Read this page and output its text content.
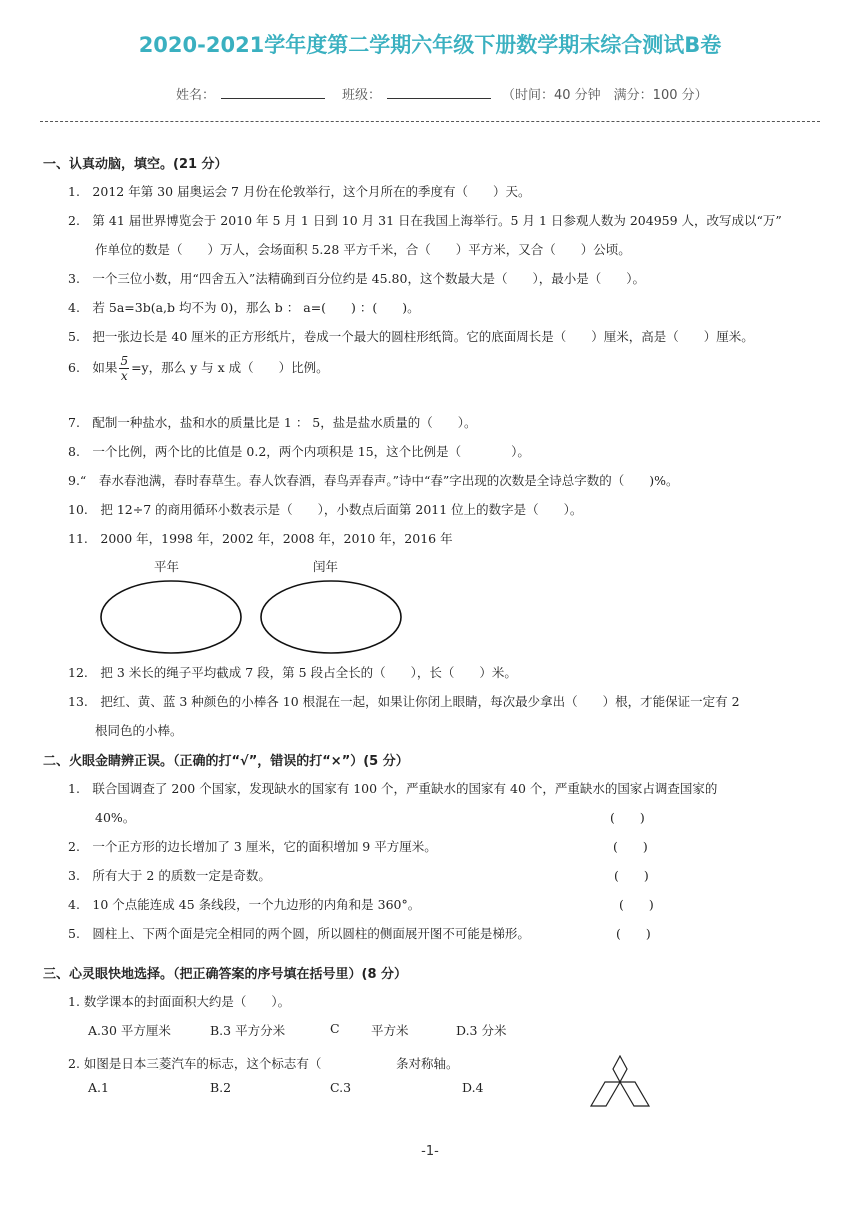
2020-2021学年度第二学期六年级下册数学期末综合测试B卷
姓名：	班级：	（时间：40 分钟　满分：100 分）
一、认真动脑，填空。(21 分）
1.　2012 年第 30 届奥运会 7 月份在伦敦举行，这个月所在的季度有（　　）天。
2.　第 41 届世界博览会于 2010 年 5 月 1 日到 10 月 31 日在我国上海举行。5 月 1 日参观人数为 204959 人，改写成以“万”
作单位的数是（　　）万人，会场面积 5.28 平方千米，合（　　）平方米，又合（　　）公顷。
3.　一个三位小数，用“四舍五入”法精确到百分位约是 45.80，这个数最大是（　　），最小是（　　）。
4.　若 5a=3b(a,b 均不为 0)，那么 b ： a=(　　) ：(　　)。
5.　把一张边长是 40 厘米的正方形纸片，卷成一个最大的圆柱形纸筒。它的底面周长是（　　）厘米，高是（　　）厘米。
6.　如果 $\frac{5}{x} =y$，那么 y 与 x 成（　　）比例。
7.　配制一种盐水，盐和水的质量比是 1 ： 5，盐是盐水质量的（　　）。
8.　一个比例，两个比的比值是 0.2，两个内项积是 15，这个比例是（　　　　）。
9.“　春水春池满，春时春草生。春人饮春酒，春鸟弄春声。”诗中“春”字出现的次数是全诗总字数的（　　)%。
10.　把 12÷7 的商用循环小数表示是（　　），小数点后面第 2011 位上的数字是（　　）。
11.　2000 年，1998 年，2002 年，2008 年，2010 年，2016 年
平年	闰年
12.　把 3 米长的绳子平均截成 7 段，第 5 段占全长的（　　），长（　　）米。
13.　把红、黄、蓝 3 种颜色的小棒各 10 根混在一起，如果让你闭上眼睛，每次最少拿出（　　）根，才能保证一定有 2
根同色的小棒。
二、火眼金睛辨正误。（正确的打“√”，错误的打“×”）(5 分）
1.　联合国调查了 200 个国家，发现缺水的国家有 100 个，严重缺水的国家有 40 个，严重缺水的国家占调查国家的
40%。	(　　)
2.　一个正方形的边长增加了 3 厘米，它的面积增加 9 平方厘米。	(　　)
3.　所有大于 2 的质数一定是奇数。	(　　)
4.　10 个点能连成 45 条线段，一个九边形的内角和是 360°。	(　　)
5.　圆柱上、下两个面是完全相同的两个圆，所以圆柱的侧面展开图不可能是梯形。	(　　)
三、心灵眼快地选择。（把正确答案的序号填在括号里）(8 分）
1. 数学课本的封面面积大约是（　　）。
A.30 平方厘米	B.3 平方分米	C	平方米	D.3 分米
2. 如图是日本三菱汽车的标志，这个标志有（	条对称轴。
A.1	B.2	C.3	D.4
-1-
